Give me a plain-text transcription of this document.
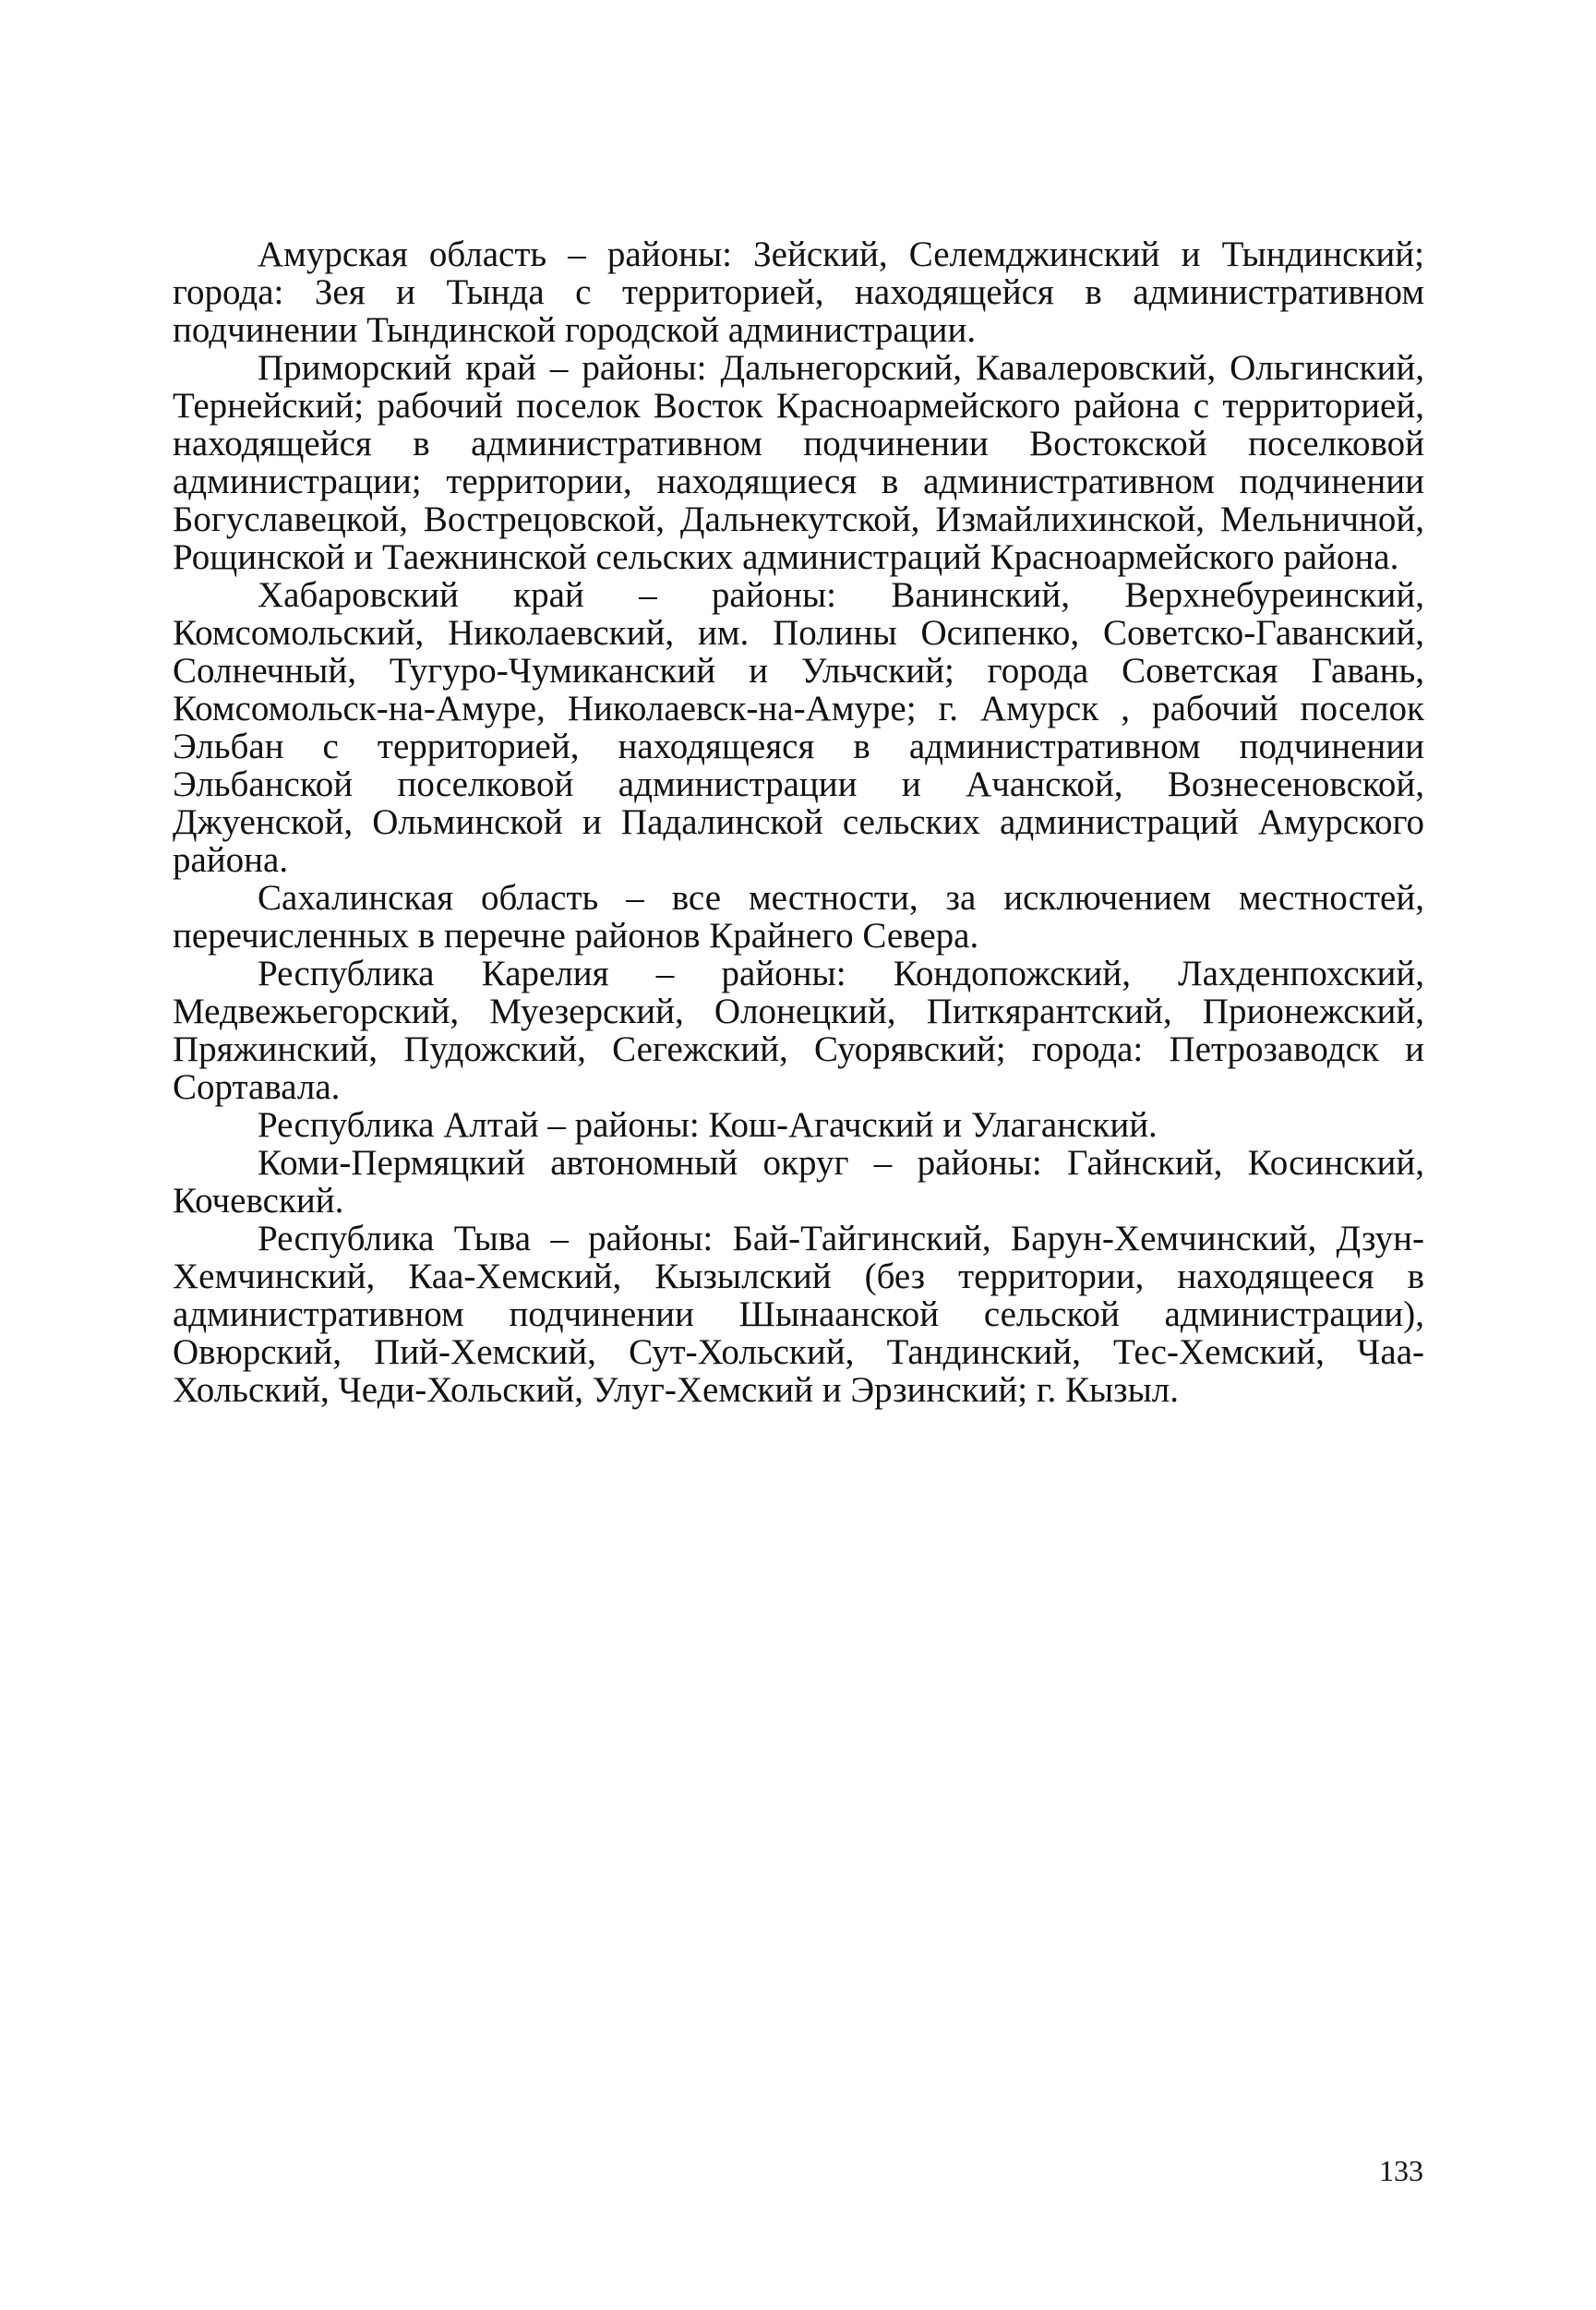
Амурская область – районы: Зейский, Селемджинский и Тындинский; города: Зея и Тында с территорией, находящейся в административном подчинении Тындинской городской администрации.

Приморский край – районы: Дальнегорский, Кавалеровский, Ольгинский, Тернейский; рабочий поселок Восток Красноармейского района с территорией, находящейся в административном подчинении Востокской поселковой администрации; территории, находящиеся в административном подчинении Богуславецкой, Вострецовской, Дальнекутской, Измайлихинской, Мельничной, Рощинской и Таежнинской сельских администраций Красноармейского района.

Хабаровский край – районы: Ванинский, Верхнебуреинский, Комсомольский, Николаевский, им. Полины Осипенко, Советско-Гаванский, Солнечный, Тугуро-Чумиканский и Ульчский; города Советская Гавань, Комсомольск-на-Амуре, Николаевск-на-Амуре; г. Амурск , рабочий поселок Эльбан с территорией, находящеяся в административном подчинении Эльбанской поселковой администрации и Ачанской, Вознесеновской, Джуенской, Ольминской и Падалинской сельских администраций Амурского района.

Сахалинская область – все местности, за исключением местностей, перечисленных в перечне районов Крайнего Севера.

Республика Карелия – районы: Кондопожский, Лахденпохский, Медвежьегорский, Муезерский, Олонецкий, Питкярантский, Прионежский, Пряжинский, Пудожский, Сегежский, Суорявский; города: Петрозаводск и Сортавала.

Республика Алтай – районы: Кош-Агачский и Улаганский.

Коми-Пермяцкий автономный округ – районы: Гайнский, Косинский, Кочевский.

Республика Тыва – районы: Бай-Тайгинский, Барун-Хемчинский, Дзун-Хемчинский, Каа-Хемский, Кызылский (без территории, находящееся в административном подчинении Шынаанской сельской администрации), Овюрский, Пий-Хемский, Сут-Хольский, Тандинский, Тес-Хемский, Чаа-Хольский, Чеди-Хольский, Улуг-Хемский и Эрзинский; г. Кызыл.

133
